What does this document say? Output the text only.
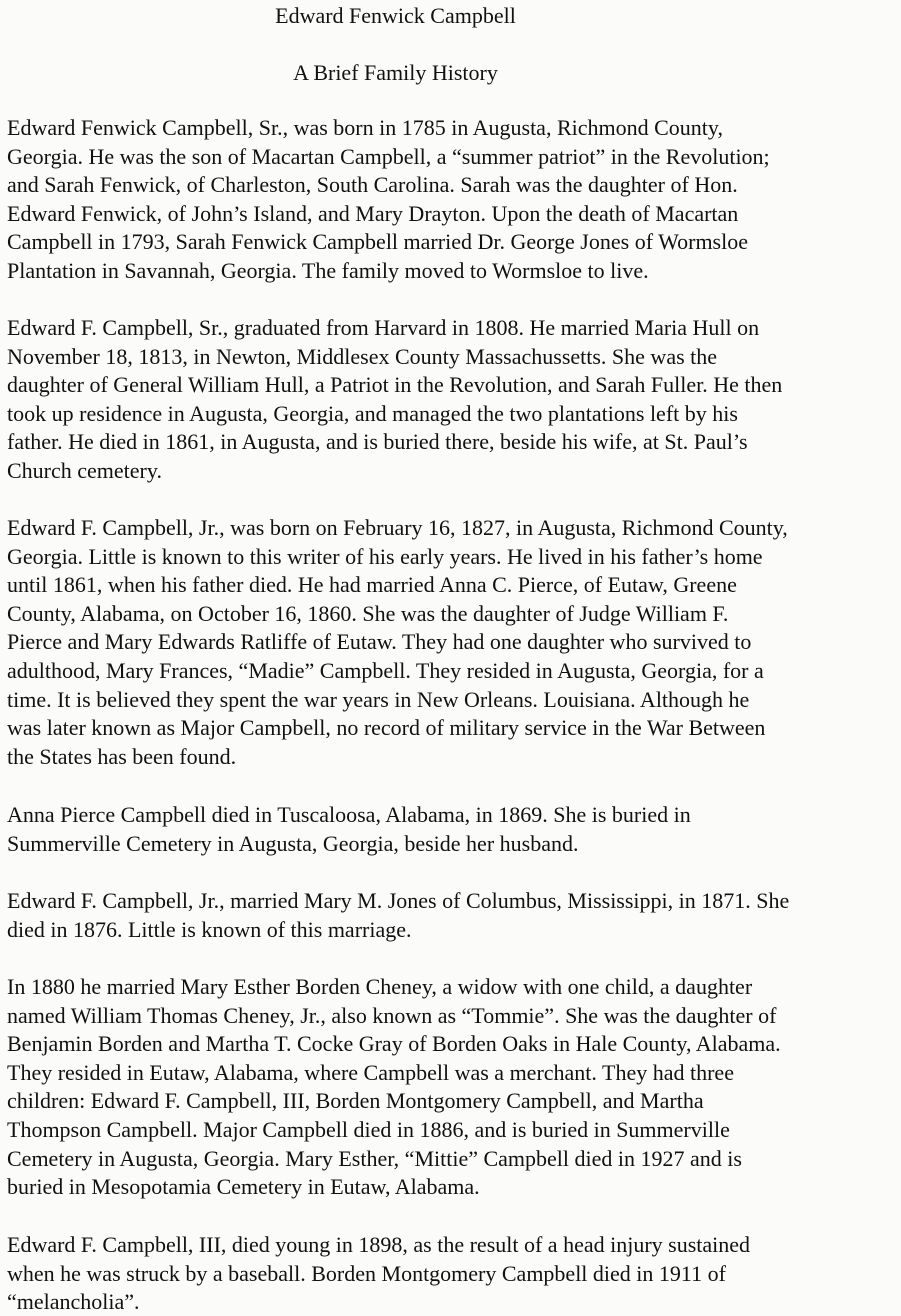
Edward Fenwick Campbell
A Brief Family History
Edward Fenwick Campbell, Sr., was born in 1785 in Augusta, Richmond County,
Georgia. He was the son of Macartan Campbell, a “summer patriot” in the Revolution;
and Sarah Fenwick, of Charleston, South Carolina. Sarah was the daughter of Hon.
Edward Fenwick, of John’s Island, and Mary Drayton. Upon the death of Macartan
Campbell in 1793, Sarah Fenwick Campbell married Dr. George Jones of Wormsloe
Plantation in Savannah, Georgia. The family moved to Wormsloe to live.
Edward F. Campbell, Sr., graduated from Harvard in 1808. He married Maria Hull on
November 18, 1813, in Newton, Middlesex County Massachussetts. She was the
daughter of General William Hull, a Patriot in the Revolution, and Sarah Fuller. He then
took up residence in Augusta, Georgia, and managed the two plantations left by his
father. He died in 1861, in Augusta, and is buried there, beside his wife, at St. Paul’s
Church cemetery.
Edward F. Campbell, Jr., was born on February 16, 1827, in Augusta, Richmond County,
Georgia. Little is known to this writer of his early years. He lived in his father’s home
until 1861, when his father died. He had married Anna C. Pierce, of Eutaw, Greene
County, Alabama, on October 16, 1860. She was the daughter of Judge William F.
Pierce and Mary Edwards Ratliffe of Eutaw. They had one daughter who survived to
adulthood, Mary Frances, “Madie” Campbell. They resided in Augusta, Georgia, for a
time. It is believed they spent the war years in New Orleans. Louisiana. Although he
was later known as Major Campbell, no record of military service in the War Between
the States has been found.
Anna Pierce Campbell died in Tuscaloosa, Alabama, in 1869. She is buried in
Summerville Cemetery in Augusta, Georgia, beside her husband.
Edward F. Campbell, Jr., married Mary M. Jones of Columbus, Mississippi, in 1871. She
died in 1876. Little is known of this marriage.
In 1880 he married Mary Esther Borden Cheney, a widow with one child, a daughter
named William Thomas Cheney, Jr., also known as “Tommie”. She was the daughter of
Benjamin Borden and Martha T. Cocke Gray of Borden Oaks in Hale County, Alabama.
They resided in Eutaw, Alabama, where Campbell was a merchant. They had three
children: Edward F. Campbell, III, Borden Montgomery Campbell, and Martha
Thompson Campbell. Major Campbell died in 1886, and is buried in Summerville
Cemetery in Augusta, Georgia. Mary Esther, “Mittie” Campbell died in 1927 and is
buried in Mesopotamia Cemetery in Eutaw, Alabama.
Edward F. Campbell, III, died young in 1898, as the result of a head injury sustained
when he was struck by a baseball. Borden Montgomery Campbell died in 1911 of
“melancholia”.
